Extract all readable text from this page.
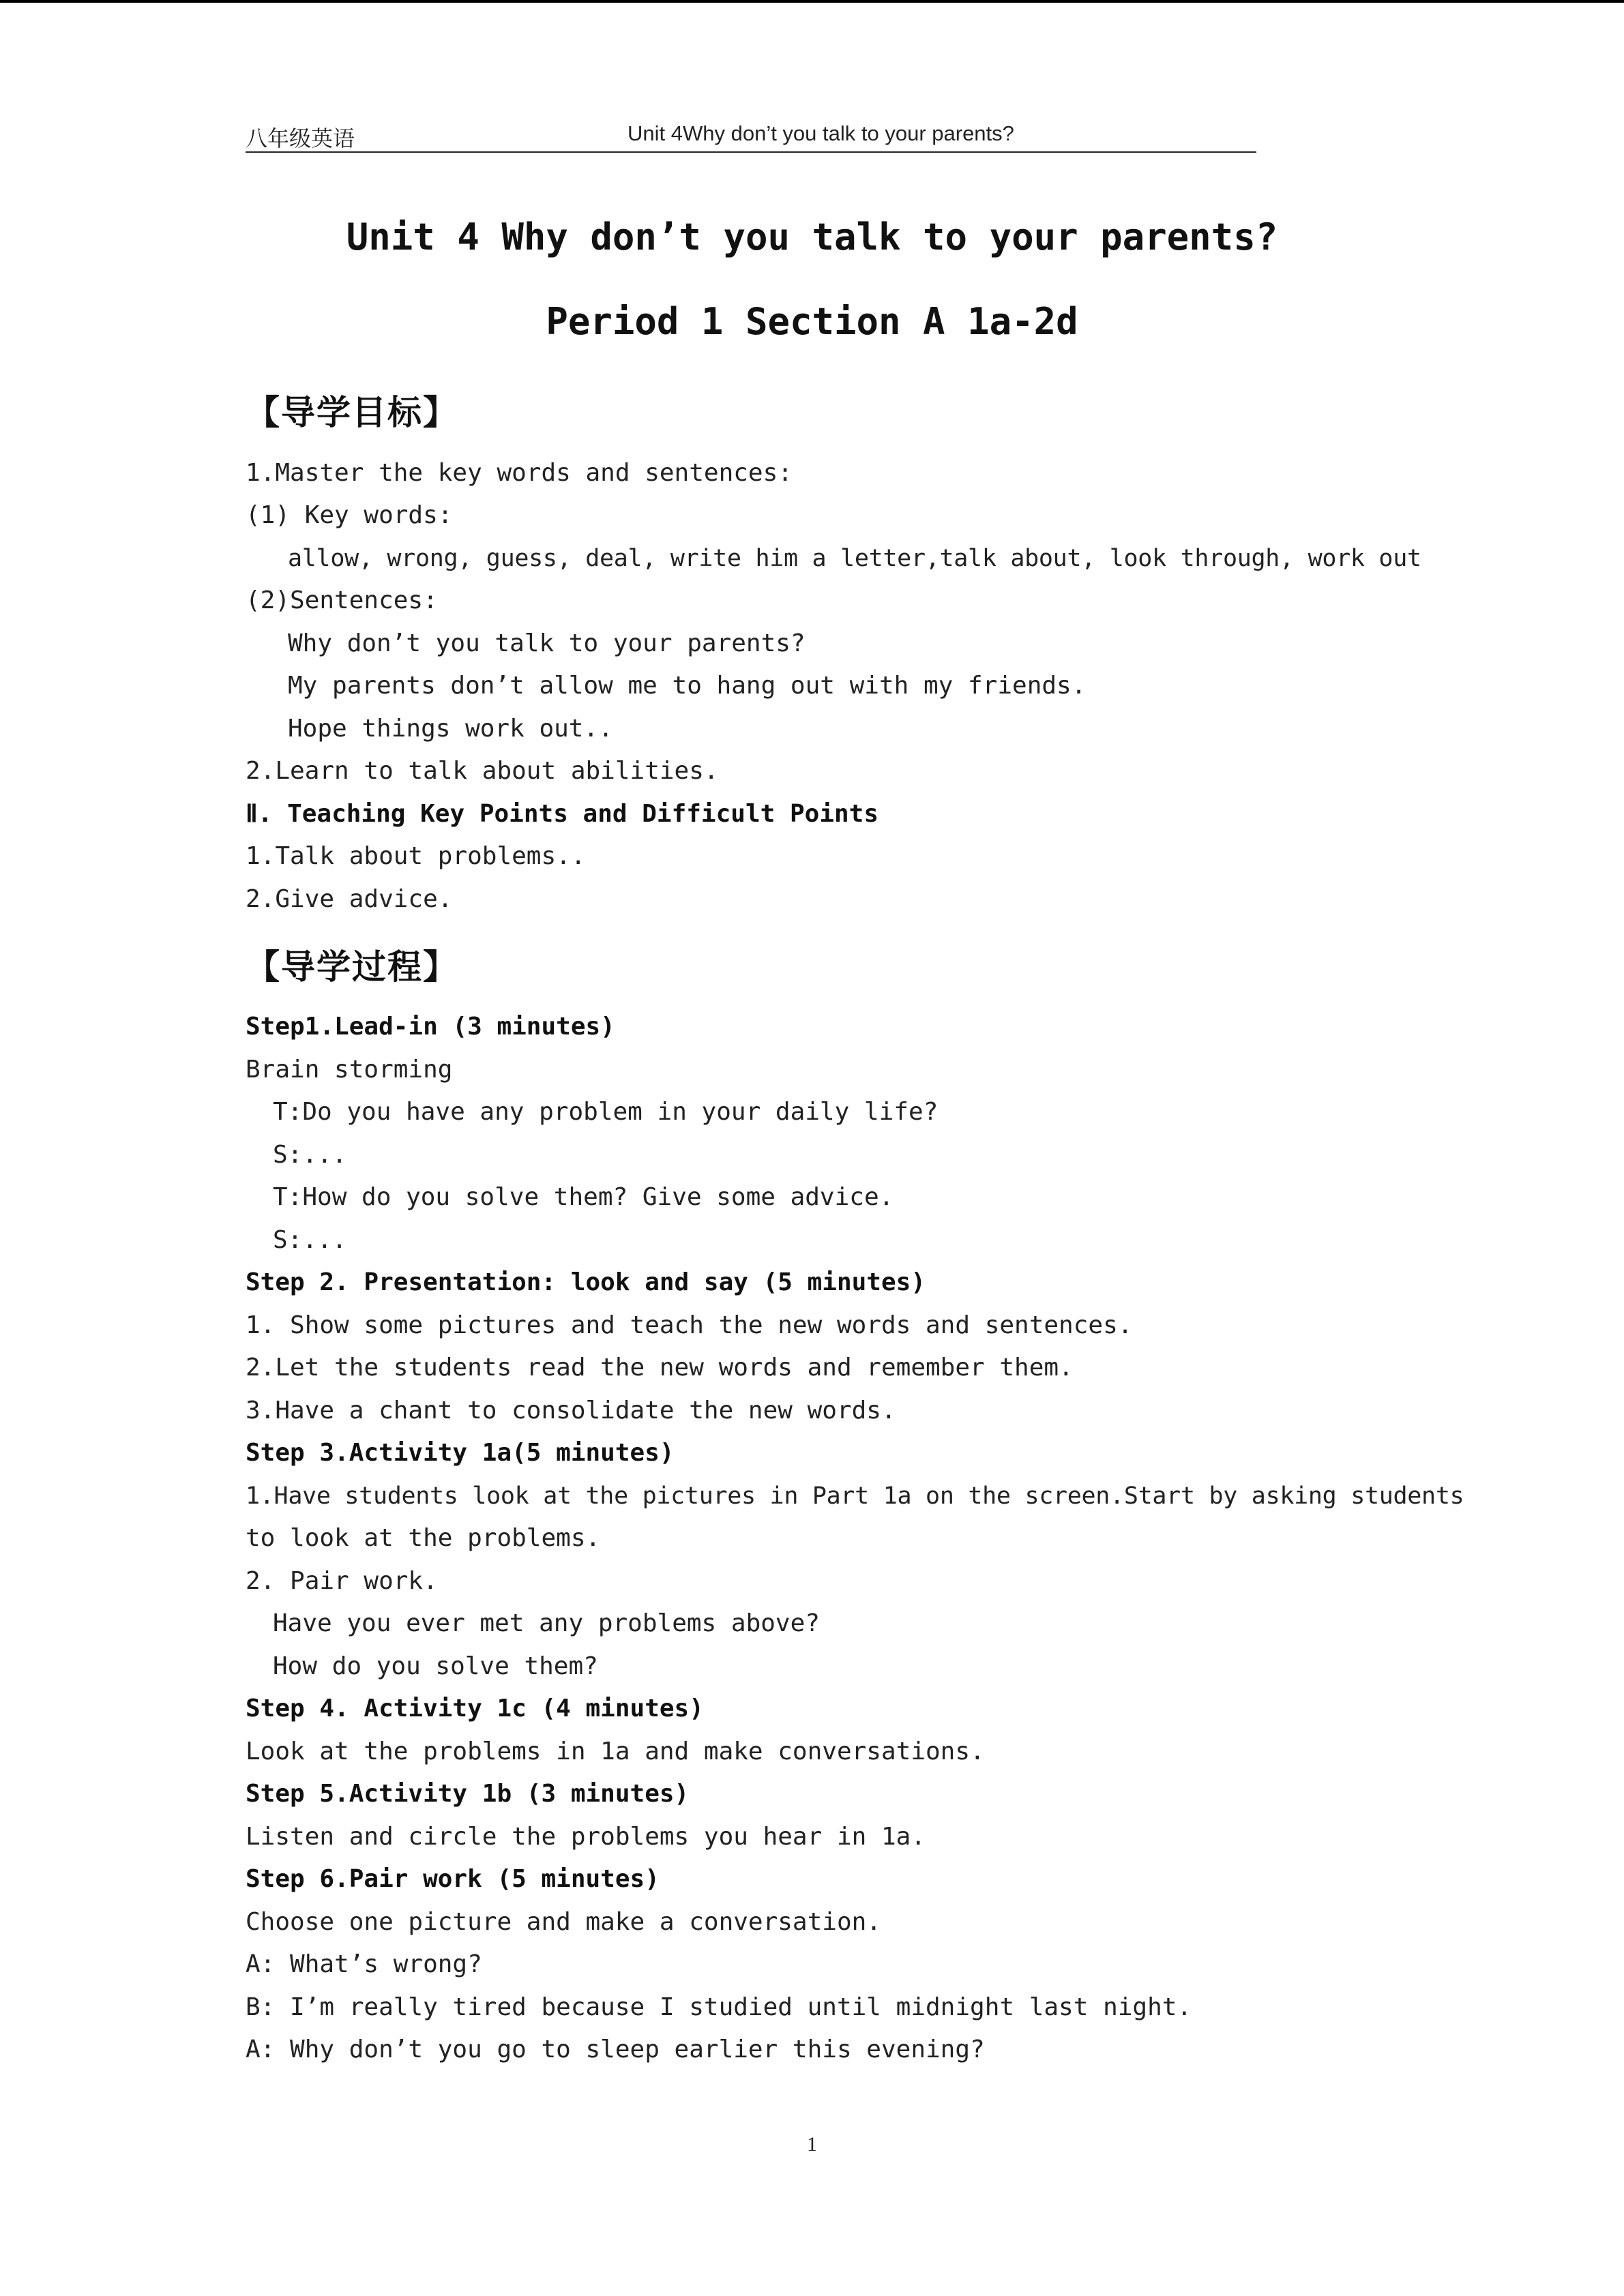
八年级英语	Unit 4Why don’t you talk to your parents?
Unit 4 Why don’t you talk to your parents?
Period 1 Section A 1a-2d
【导学目标】
1.Master the key words and sentences:
(1) Key words:
allow, wrong, guess, deal, write him a letter,talk about, look through, work out
(2)Sentences:
Why don’t you talk to your parents?
My parents don’t allow me to hang out with my friends.
Hope things work out..
2.Learn to talk about abilities.
Ⅱ. Teaching Key Points and Difficult Points
1.Talk about problems..
2.Give advice.
【导学过程】
Step1.Lead-in (3 minutes)
Brain storming
T:Do you have any problem in your daily life?
S:...
T:How do you solve them? Give some advice.
S:...
Step 2. Presentation: look and say (5 minutes)
1. Show some pictures and teach the new words and sentences.
2.Let the students read the new words and remember them.
3.Have a chant to consolidate the new words.
Step 3.Activity 1a(5 minutes)
1.Have students look at the pictures in Part 1a on the screen.Start by asking students
to look at the problems.
2. Pair work.
Have you ever met any problems above?
How do you solve them?
Step 4. Activity 1c (4 minutes)
Look at the problems in 1a and make conversations.
Step 5.Activity 1b (3 minutes)
Listen and circle the problems you hear in 1a.
Step 6.Pair work (5 minutes)
Choose one picture and make a conversation.
A: What’s wrong?
B: I’m really tired because I studied until midnight last night.
A: Why don’t you go to sleep earlier this evening?
1
